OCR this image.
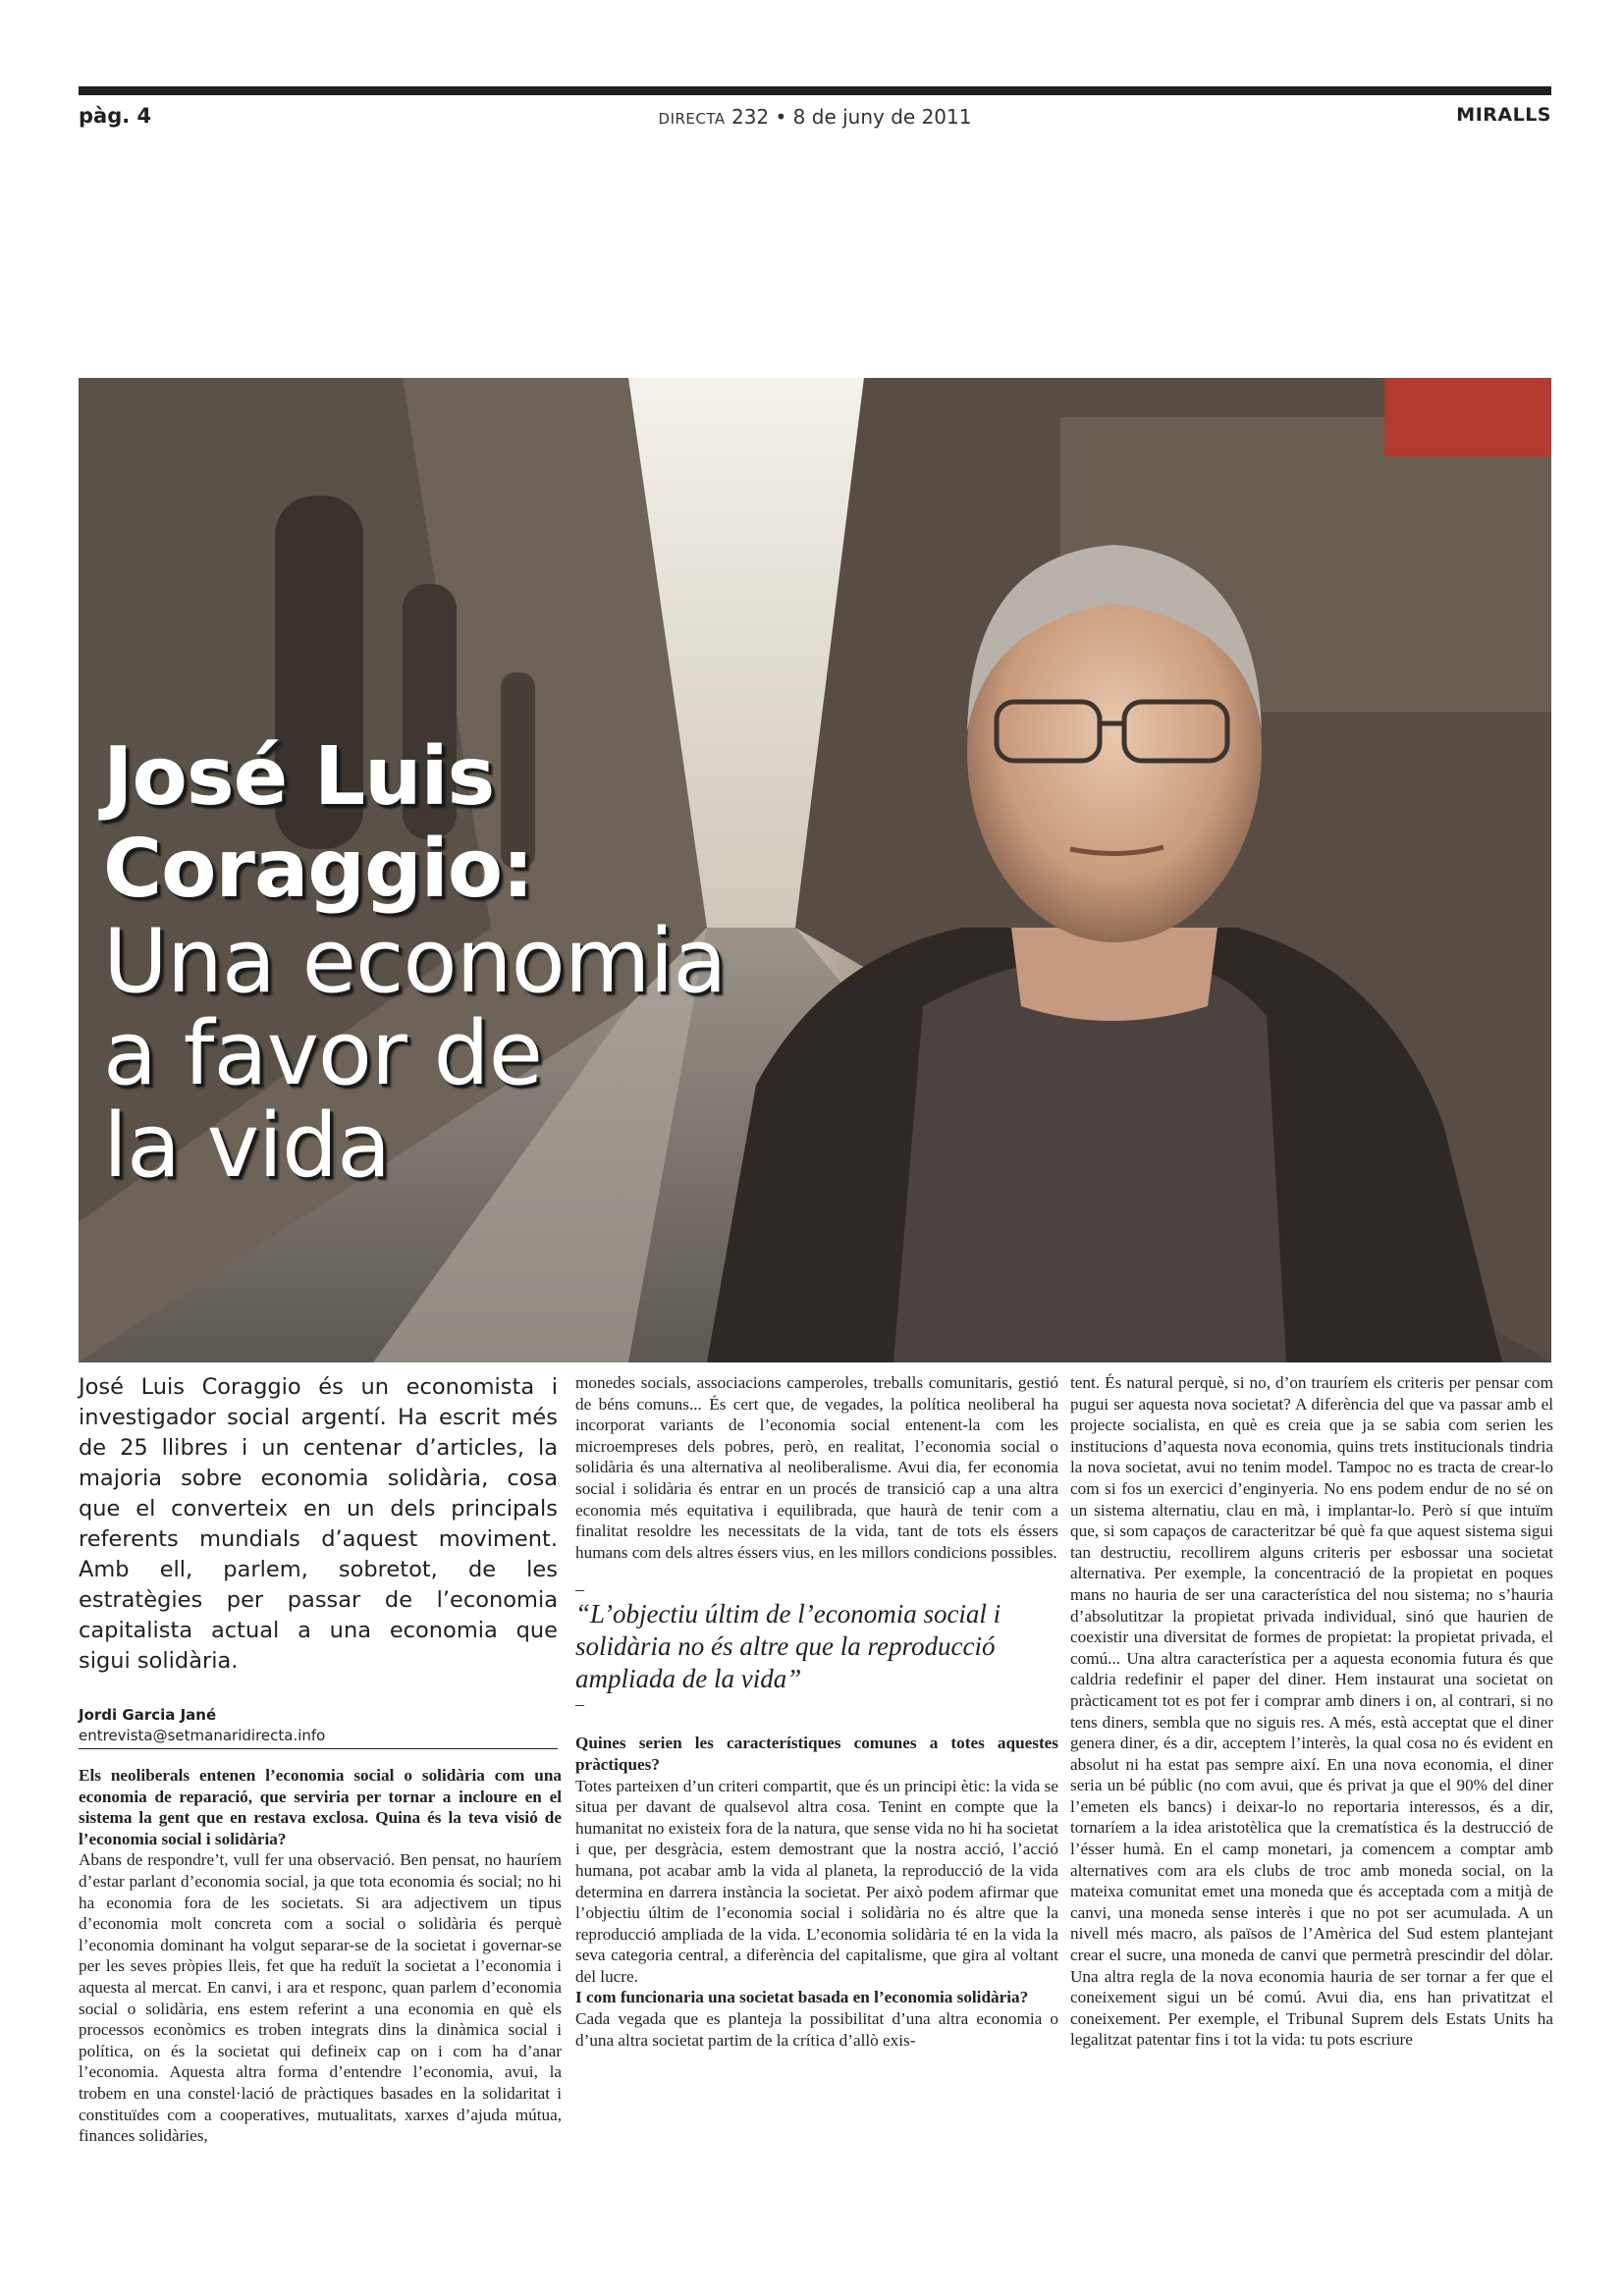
pàg. 4	DIRECTA 232 • 8 de juny de 2011	MIRALLS
José Luis
Coraggio:
Una economia
a favor de
la vida
José Luis Coraggio és un economista i investigador social argentí. Ha escrit més de 25 llibres i un centenar d’articles, la majoria sobre economia solidària, cosa que el converteix en un dels principals referents mundials d’aquest moviment. Amb ell, parlem, sobretot, de les estratègies per passar de l’economia capitalista actual a una economia que sigui solidària.
Jordi Garcia Jané
entrevista@setmanaridirecta.info

Els neoliberals entenen l’economia social o solidària com una economia de reparació, que serviria per tornar a incloure en el sistema la gent que en restava exclosa. Quina és la teva visió de l’economia social i solidària?

Abans de respondre’t, vull fer una observació. Ben pensat, no hauríem d’estar parlant d’economia social, ja que tota economia és social; no hi ha economia fora de les societats. Si ara adjectivem un tipus d’economia molt concreta com a social o solidària és perquè l’economia dominant ha volgut separar-se de la societat i governar-se per les seves pròpies lleis, fet que ha reduït la societat a l’economia i aquesta al mercat. En canvi, i ara et responc, quan parlem d’economia social o solidària, ens estem referint a una economia en què els processos econòmics es troben integrats dins la dinàmica social i política, on és la societat qui defineix cap on i com ha d’anar l’economia. Aquesta altra forma d’entendre l’economia, avui, la trobem en una constel·lació de pràctiques basades en la solidaritat i constituïdes com a cooperatives, mutualitats, xarxes d’ajuda mútua, finances solidàries,

monedes socials, associacions camperoles, treballs comunitaris, gestió de béns comuns... És cert que, de vegades, la política neoliberal ha incorporat variants de l’economia social entenent-la com les microempreses dels pobres, però, en realitat, l’economia social o solidària és una alternativa al neoliberalisme. Avui dia, fer economia social i solidària és entrar en un procés de transició cap a una altra economia més equitativa i equilibrada, que haurà de tenir com a finalitat resoldre les necessitats de la vida, tant de tots els éssers humans com dels altres éssers vius, en les millors condicions possibles.

–
“L’objectiu últim de l’economia social i solidària no és altre que la reproducció ampliada de la vida”
–

Quines serien les característiques comunes a totes aquestes pràctiques?

Totes parteixen d’un criteri compartit, que és un principi ètic: la vida se situa per davant de qualsevol altra cosa. Tenint en compte que la humanitat no existeix fora de la natura, que sense vida no hi ha societat i que, per desgràcia, estem demostrant que la nostra acció, l’acció humana, pot acabar amb la vida al planeta, la reproducció de la vida determina en darrera instància la societat. Per això podem afirmar que l’objectiu últim de l’economia social i solidària no és altre que la reproducció ampliada de la vida. L’economia solidària té en la vida la seva categoria central, a diferència del capitalisme, que gira al voltant del lucre.

I com funcionaria una societat basada en l’economia solidària?

Cada vegada que es planteja la possibilitat d’una altra economia o d’una altra societat partim de la crítica d’allò exis-

tent. És natural perquè, si no, d’on trauríem els criteris per pensar com pugui ser aquesta nova societat? A diferència del que va passar amb el projecte socialista, en què es creia que ja se sabia com serien les institucions d’aquesta nova economia, quins trets institucionals tindria la nova societat, avui no tenim model. Tampoc no es tracta de crear-lo com si fos un exercici d’enginyeria. No ens podem endur de no sé on un sistema alternatiu, clau en mà, i implantar-lo. Però sí que intuïm que, si som capaços de caracteritzar bé què fa que aquest sistema sigui tan destructiu, recollirem alguns criteris per esbossar una societat alternativa. Per exemple, la concentració de la propietat en poques mans no hauria de ser una característica del nou sistema; no s’hauria d’absolutitzar la propietat privada individual, sinó que haurien de coexistir una diversitat de formes de propietat: la propietat privada, el comú... Una altra característica per a aquesta economia futura és que caldria redefinir el paper del diner. Hem instaurat una societat on pràcticament tot es pot fer i comprar amb diners i on, al contrari, si no tens diners, sembla que no siguis res. A més, està acceptat que el diner genera diner, és a dir, acceptem l’interès, la qual cosa no és evident en absolut ni ha estat pas sempre així. En una nova economia, el diner seria un bé públic (no com avui, que és privat ja que el 90% del diner l’emeten els bancs) i deixar-lo no reportaria interessos, és a dir, tornaríem a la idea aristotèlica que la crematística és la destrucció de l’ésser humà. En el camp monetari, ja comencem a comptar amb alternatives com ara els clubs de troc amb moneda social, on la mateixa comunitat emet una moneda que és acceptada com a mitjà de canvi, una moneda sense interès i que no pot ser acumulada. A un nivell més macro, als països de l’Amèrica del Sud estem plantejant crear el sucre, una moneda de canvi que permetrà prescindir del dòlar. Una altra regla de la nova economia hauria de ser tornar a fer que el coneixement sigui un bé comú. Avui dia, ens han privatitzat el coneixement. Per exemple, el Tribunal Suprem dels Estats Units ha legalitzat patentar fins i tot la vida: tu pots escriure
